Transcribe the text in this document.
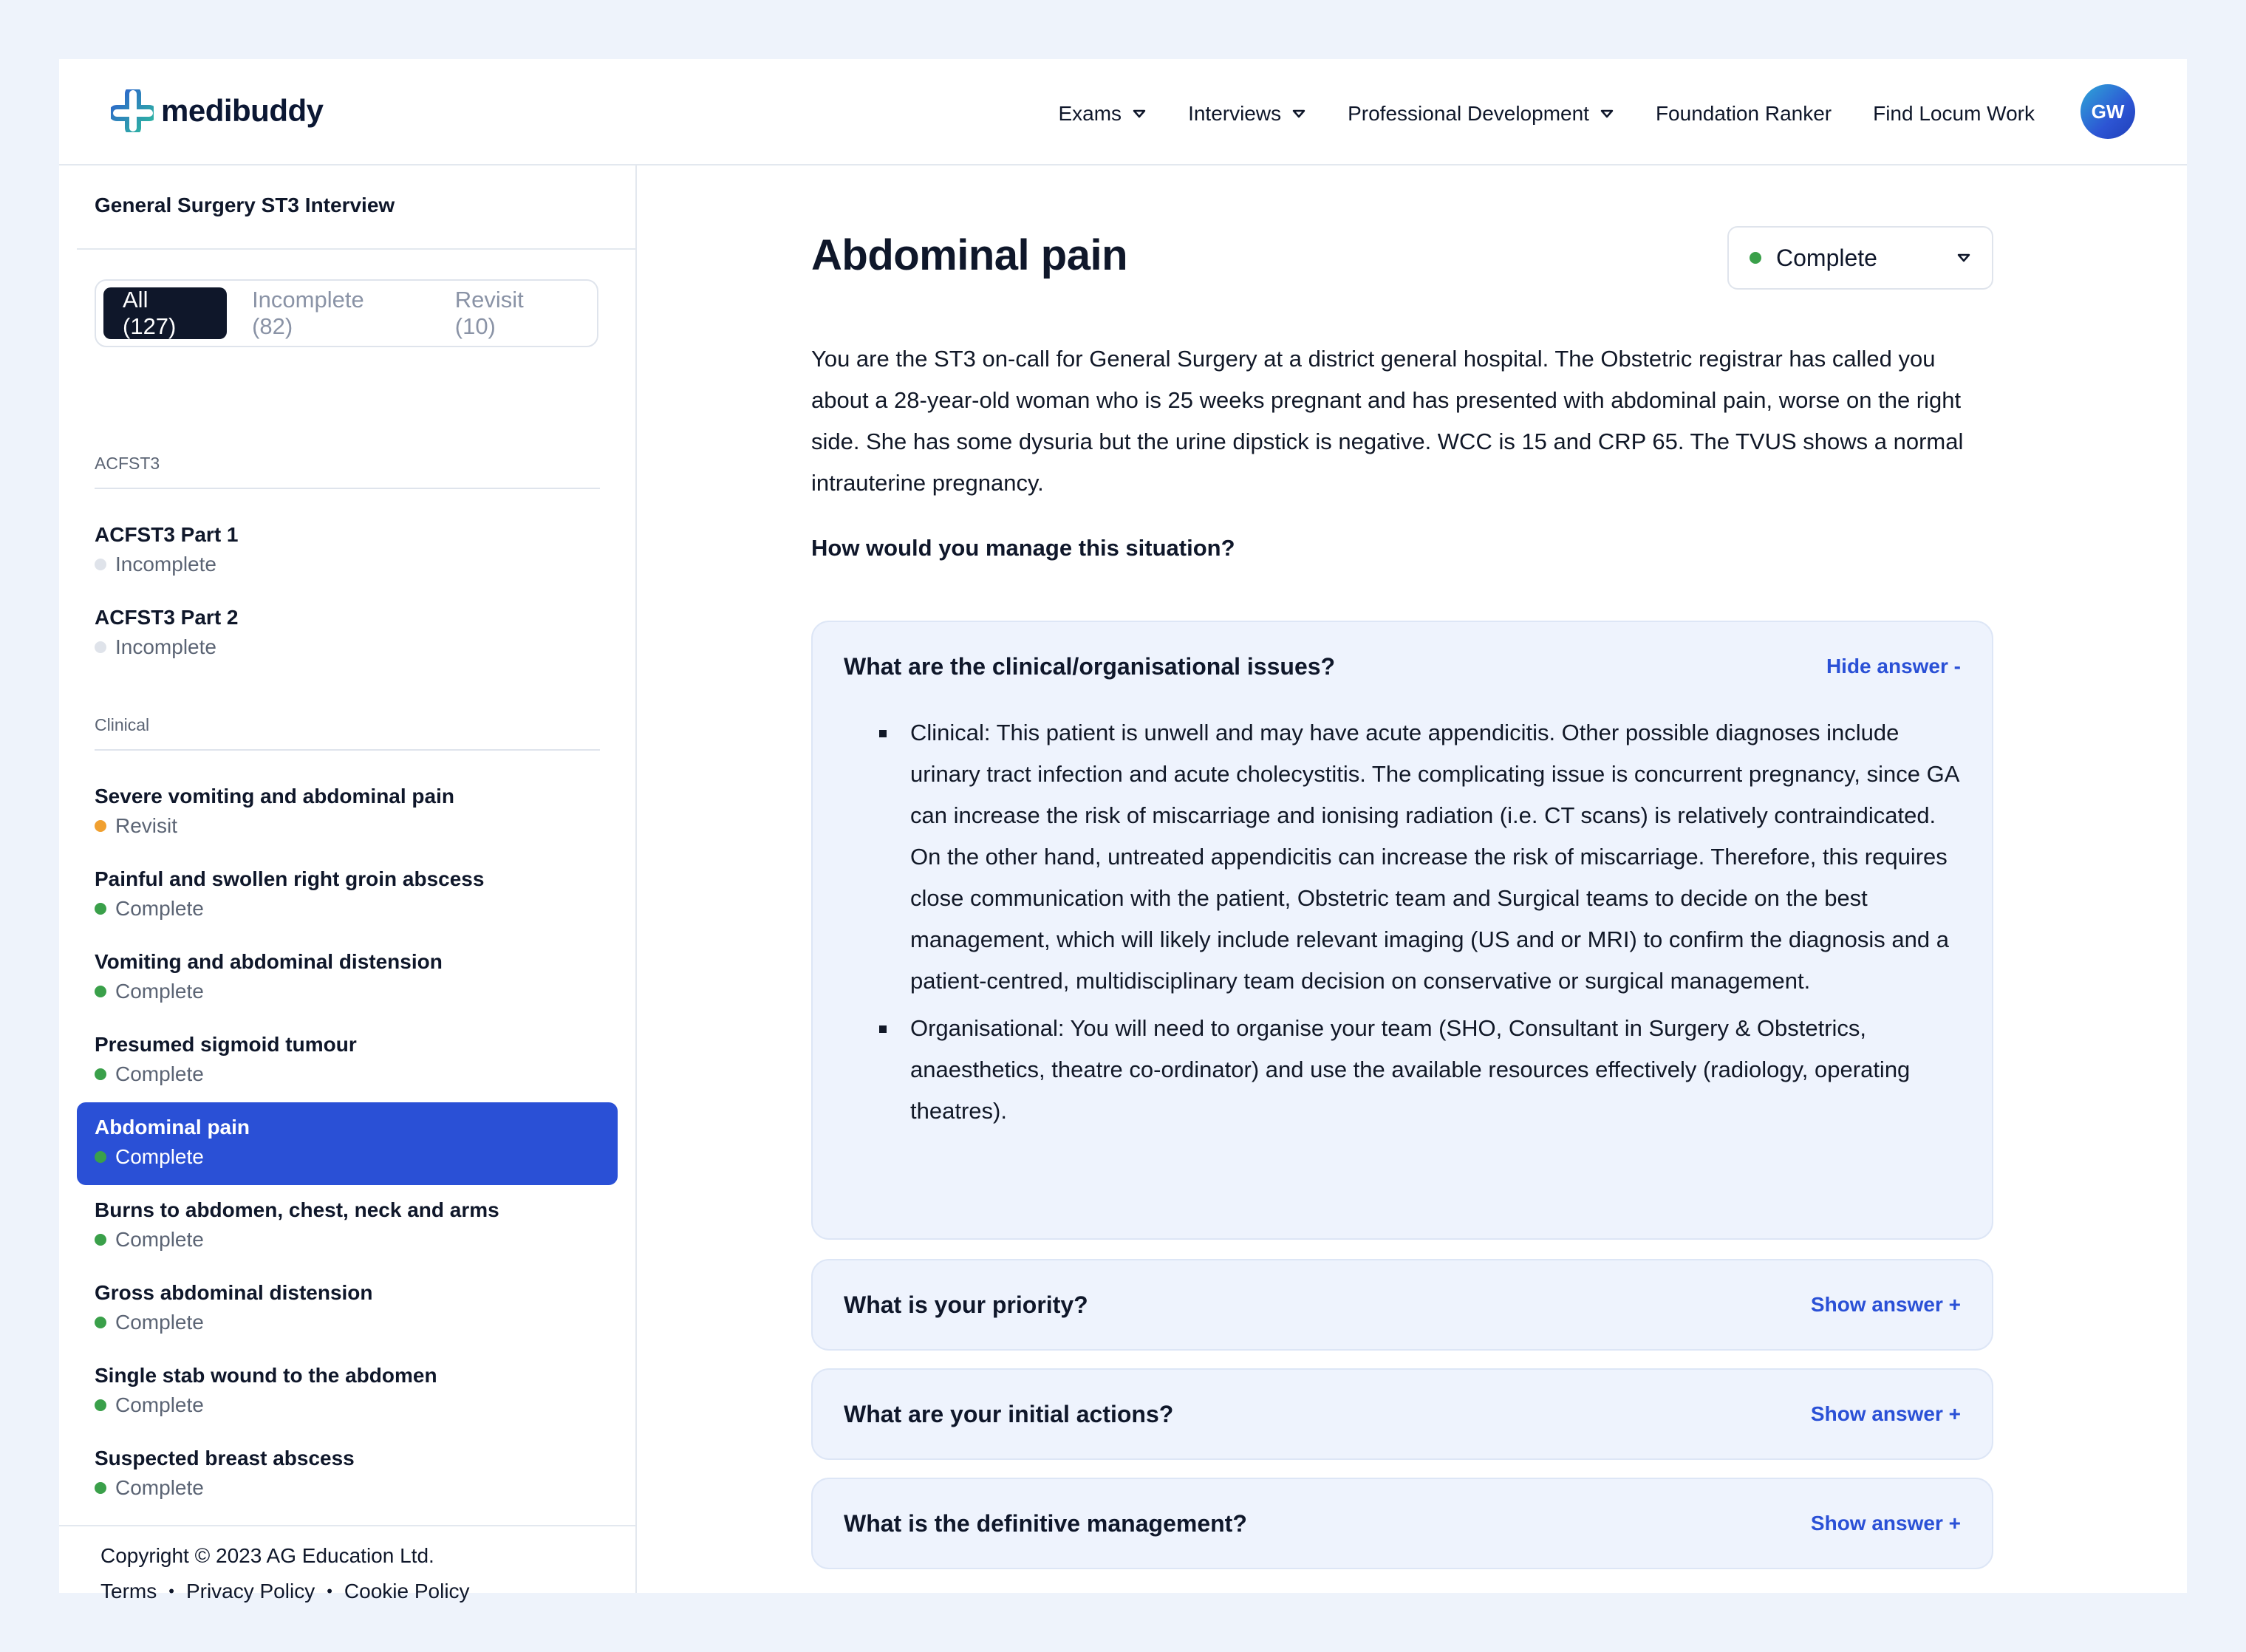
medibuddy	Exams	Interviews	Professional Development	Foundation Ranker Find Locum Work	GW
General Surgery ST3 Interview
All (127)
Incomplete (82)
Revisit (10)
ACFST3
ACFST3 Part 1
Incomplete
ACFST3 Part 2
Incomplete
Clinical
Severe vomiting and abdominal pain
Revisit
Painful and swollen right groin abscess
Complete
Vomiting and abdominal distension
Complete
Presumed sigmoid tumour
Complete
Abdominal pain
Complete
Burns to abdomen, chest, neck and arms
Complete
Gross abdominal distension
Complete
Single stab wound to the abdomen
Complete
Suspected breast abscess
Complete
Copyright © 2023 AG Education Ltd.
Terms • Privacy Policy • Cookie Policy
Abdominal pain	Complete
You are the ST3 on-call for General Surgery at a district general hospital. The Obstetric registrar has called you about a 28-year-old woman who is 25 weeks pregnant and has presented with abdominal pain, worse on the right side. She has some dysuria but the urine dipstick is negative. WCC is 15 and CRP 65. The TVUS shows a normal intrauterine pregnancy.
How would you manage this situation?
What are the clinical/organisational issues?	Hide answer -
Clinical: This patient is unwell and may have acute appendicitis. Other possible diagnoses include urinary tract infection and acute cholecystitis. The complicating issue is concurrent pregnancy, since GA can increase the risk of miscarriage and ionising radiation (i.e. CT scans) is relatively contraindicated. On the other hand, untreated appendicitis can increase the risk of miscarriage. Therefore, this requires close communication with the patient, Obstetric team and Surgical teams to decide on the best management, which will likely include relevant imaging (US and or MRI) to confirm the diagnosis and a patient-centred, multidisciplinary team decision on conservative or surgical management.
Organisational: You will need to organise your team (SHO, Consultant in Surgery & Obstetrics, anaesthetics, theatre co-ordinator) and use the available resources effectively (radiology, operating theatres).
What is your priority?	Show answer +
What are your initial actions?	Show answer +
What is the definitive management?	Show answer +
